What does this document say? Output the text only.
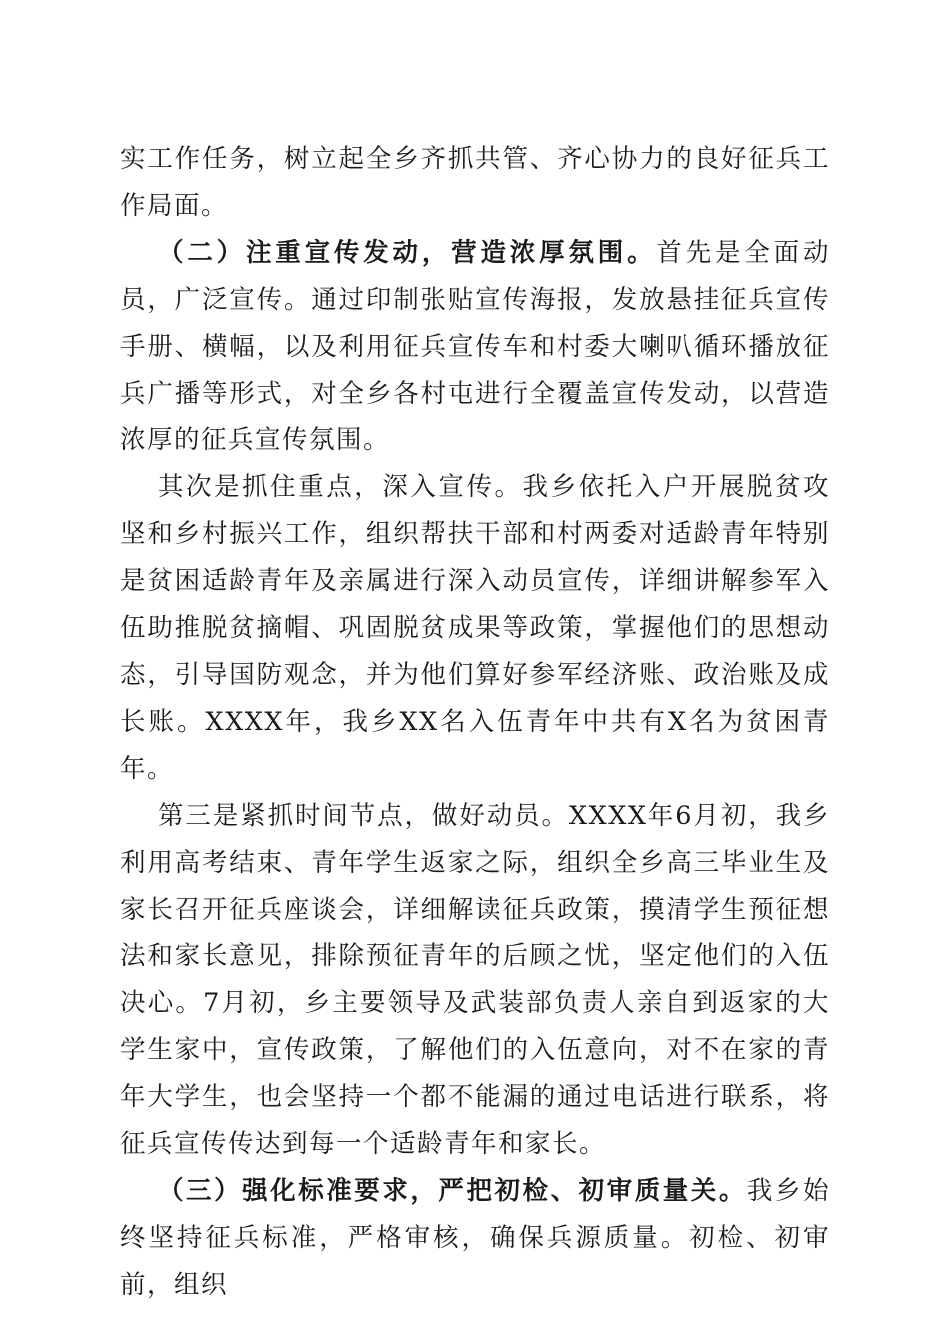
实工作任务，树立起全乡齐抓共管、齐心协力的良好征兵工作局面。

（二）注重宣传发动，营造浓厚氛围。首先是全面动员，广泛宣传。通过印制张贴宣传海报，发放悬挂征兵宣传手册、横幅，以及利用征兵宣传车和村委大喇叭循环播放征兵广播等形式，对全乡各村屯进行全覆盖宣传发动，以营造浓厚的征兵宣传氛围。

其次是抓住重点，深入宣传。我乡依托入户开展脱贫攻坚和乡村振兴工作，组织帮扶干部和村两委对适龄青年特别是贫困适龄青年及亲属进行深入动员宣传，详细讲解参军入伍助推脱贫摘帽、巩固脱贫成果等政策，掌握他们的思想动态，引导国防观念，并为他们算好参军经济账、政治账及成长账。XXXX年，我乡XX名入伍青年中共有X名为贫困青年。

第三是紧抓时间节点，做好动员。XXXX年6月初，我乡利用高考结束、青年学生返家之际，组织全乡高三毕业生及家长召开征兵座谈会，详细解读征兵政策，摸清学生预征想法和家长意见，排除预征青年的后顾之忧，坚定他们的入伍决心。7月初，乡主要领导及武装部负责人亲自到返家的大学生家中，宣传政策，了解他们的入伍意向，对不在家的青年大学生，也会坚持一个都不能漏的通过电话进行联系，将征兵宣传传达到每一个适龄青年和家长。

（三）强化标准要求，严把初检、初审质量关。我乡始终坚持征兵标准，严格审核，确保兵源质量。初检、初审前，组织
